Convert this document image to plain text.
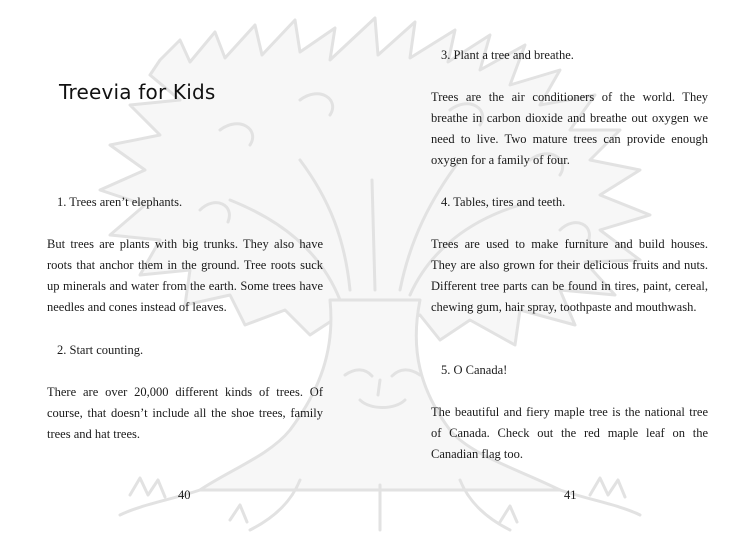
Treevia for Kids

1. Trees aren’t elephants.

But trees are plants with big trunks. They also have roots that anchor them in the ground. Tree roots suck up minerals and water from the earth. Some trees have needles and cones instead of leaves.

2. Start counting.

There are over 20,000 different kinds of trees. Of course, that doesn’t include all the shoe trees, family trees and hat trees.

40

3. Plant a tree and breathe.

Trees are the air conditioners of the world. They breathe in carbon dioxide and breathe out oxygen we need to live. Two mature trees can provide enough oxygen for a family of four.

4. Tables, tires and teeth.

Trees are used to make furniture and build houses. They are also grown for their delicious fruits and nuts. Different tree parts can be found in tires, paint, cereal, chewing gum, hair spray, toothpaste and mouthwash.

5. O Canada!

The beautiful and fiery maple tree is the national tree of Canada. Check out the red maple leaf on the Canadian flag too.

41
